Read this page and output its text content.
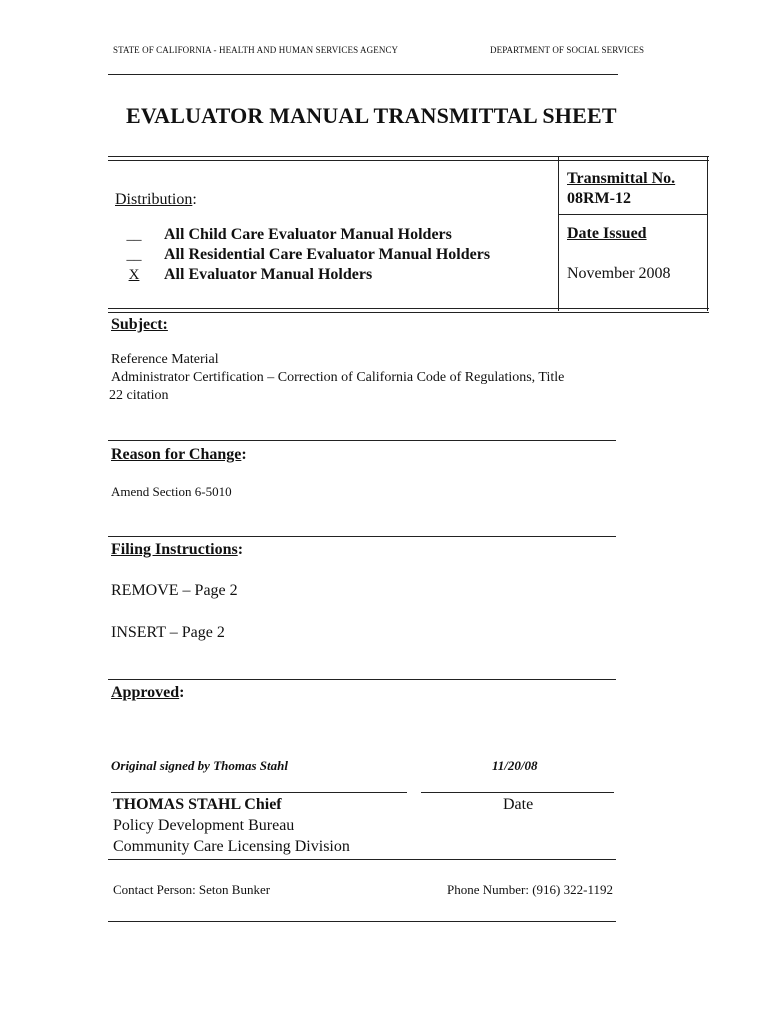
STATE OF CALIFORNIA - HEALTH AND HUMAN SERVICES AGENCY	DEPARTMENT OF SOCIAL SERVICES
EVALUATOR MANUAL TRANSMITTAL SHEET
Distribution:
__ All Child Care Evaluator Manual Holders
__ All Residential Care Evaluator Manual Holders
X All Evaluator Manual Holders
Transmittal No.
08RM-12
Date Issued
November 2008
Subject:
Reference Material
Administrator Certification – Correction of California Code of Regulations, Title
22 citation
Reason for Change:
Amend Section 6-5010
Filing Instructions:
REMOVE – Page 2
INSERT – Page 2
Approved:
Original signed by Thomas Stahl	11/20/08
THOMAS STAHL Chief	Date
Policy Development Bureau
Community Care Licensing Division
Contact Person: Seton Bunker	Phone Number: (916) 322-1192
